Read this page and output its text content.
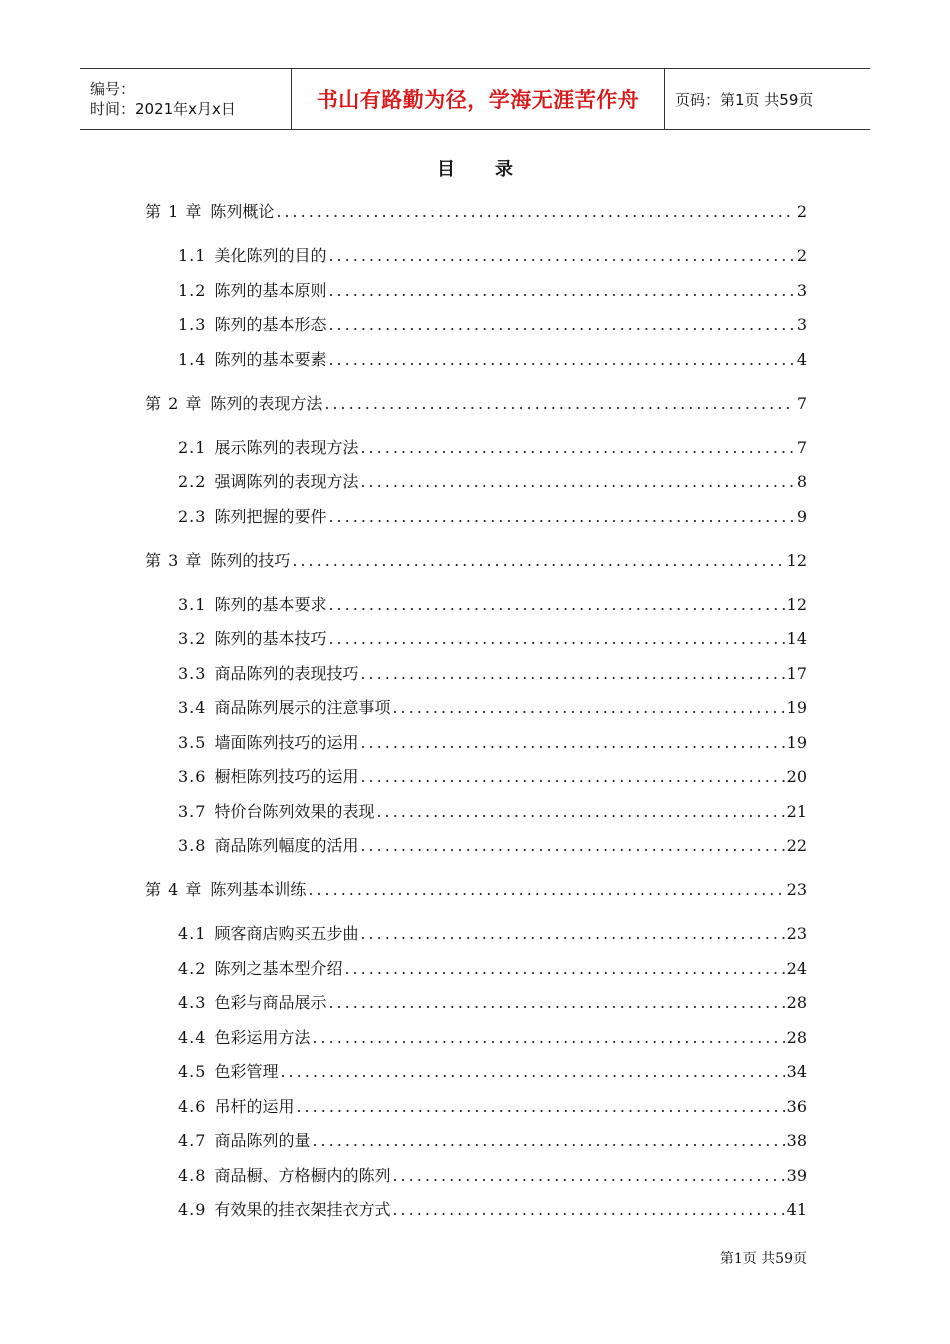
编号：
时间：2021年x月x日	书山有路勤为径，学海无涯苦作舟 页码：第1页 共59页
目录
第 1 章 陈列概论 .....	2
1.1 美化陈列的目的 .....	2
1.2 陈列的基本原则 .....	3
1.3 陈列的基本形态 .....	3
1.4 陈列的基本要素 .....	4
第 2 章 陈列的表现方法 .....	7
2.1 展示陈列的表现方法 .....	7
2.2 强调陈列的表现方法 .....	8
2.3 陈列把握的要件 .....	9
第 3 章 陈列的技巧 .....	12
3.1 陈列的基本要求 .....	12
3.2 陈列的基本技巧 .....	14
3.3 商品陈列的表现技巧 .....	17
3.4 商品陈列展示的注意事项 .....	19
3.5 墙面陈列技巧的运用 .....	19
3.6 橱柜陈列技巧的运用 .....	20
3.7 特价台陈列效果的表现 .....	21
3.8 商品陈列幅度的活用 .....	22
第 4 章 陈列基本训练 .....	23
4.1 顾客商店购买五步曲 .....	23
4.2 陈列之基本型介绍 .....	24
4.3 色彩与商品展示 .....	28
4.4 色彩运用方法 .....	28
4.5 色彩管理 .....	34
4.6 吊杆的运用 .....	36
4.7 商品陈列的量 .....	38
4.8 商品橱、方格橱内的陈列 .....	39
4.9 有效果的挂衣架挂衣方式 .....	41
第1页 共59页
